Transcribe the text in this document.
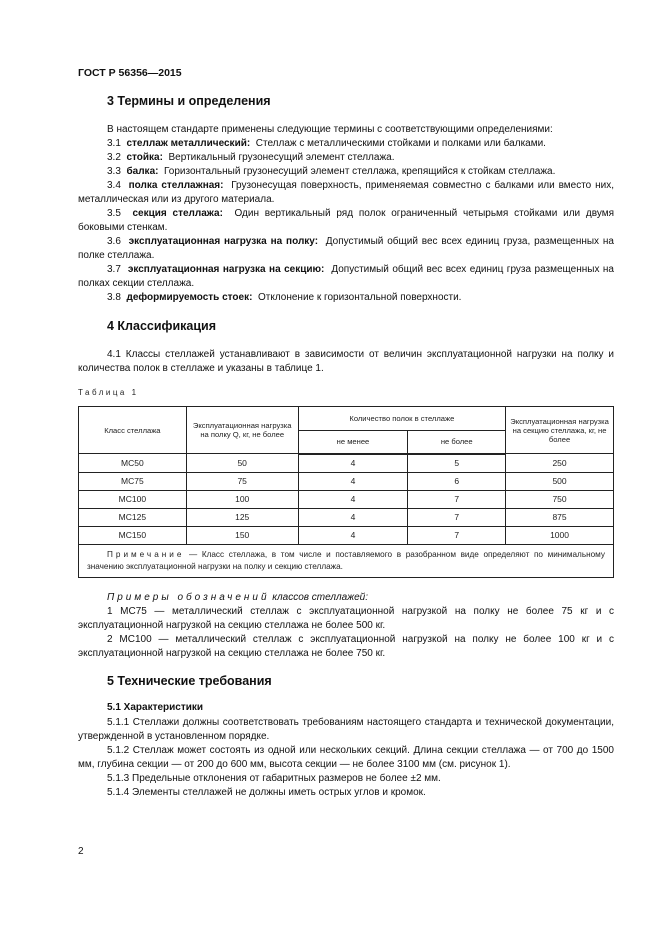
ГОСТ Р 56356—2015
3 Термины и определения

В настоящем стандарте применены следующие термины с соответствующими определениями:

3.1 стеллаж металлический: Стеллаж с металлическими стойками и полками или балками.

3.2 стойка: Вертикальный грузонесущий элемент стеллажа.

3.3 балка: Горизонтальный грузонесущий элемент стеллажа, крепящийся к стойкам стеллажа.

3.4 полка стеллажная: Грузонесущая поверхность, применяемая совместно с балками или вместо них, металлическая или из другого материала.

3.5 секция стеллажа: Один вертикальный ряд полок ограниченный четырьмя стойками или двумя боковыми стенкам.

3.6 эксплуатационная нагрузка на полку: Допустимый общий вес всех единиц груза, размещенных на полке стеллажа.

3.7 эксплуатационная нагрузка на секцию: Допустимый общий вес всех единиц груза размещенных на полках секции стеллажа.

3.8 деформируемость стоек: Отклонение к горизонтальной поверхности.

4 Классификация

4.1 Классы стеллажей устанавливают в зависимости от величин эксплуатационной нагрузки на полку и количества полок в стеллаже и указаны в таблице 1.

Таблица 1
Класс стеллажа	Эксплуатационная нагрузка на полку Q, кг, не более	Количество полок в стеллаже		Эксплуатационная нагрузка на секцию стеллажа, кг, не более
		не менее	не более	
МС50	50	4	5	250
МС75	75	4	6	500
МС100	100	4	7	750
МС125	125	4	7	875
МС150	150	4	7	1000
Примечание — Класс стеллажа, в том числе и поставляемого в разобранном виде определяют по минимальному значению эксплуатационной нагрузки на полку и секцию стеллажа.				

Примеры обозначений классов стеллажей:

1 МС75 — металлический стеллаж с эксплуатационной нагрузкой на полку не более 75 кг и с эксплуатационной нагрузкой на секцию стеллажа не более 500 кг.

2 МС100 — металлический стеллаж с эксплуатационной нагрузкой на полку не более 100 кг и с эксплуатационной нагрузкой на секцию стеллажа не более 750 кг.

5 Технические требования
5.1 Характеристики

5.1.1 Стеллажи должны соответствовать требованиям настоящего стандарта и технической документации, утвержденной в установленном порядке.

5.1.2 Стеллаж может состоять из одной или нескольких секций. Длина секции стеллажа — от 700 до 1500 мм, глубина секции — от 200 до 600 мм, высота секции — не более 3100 мм (см. рисунок 1).

5.1.3 Предельные отклонения от габаритных размеров не более ±2 мм.

5.1.4 Элементы стеллажей не должны иметь острых углов и кромок.

2
